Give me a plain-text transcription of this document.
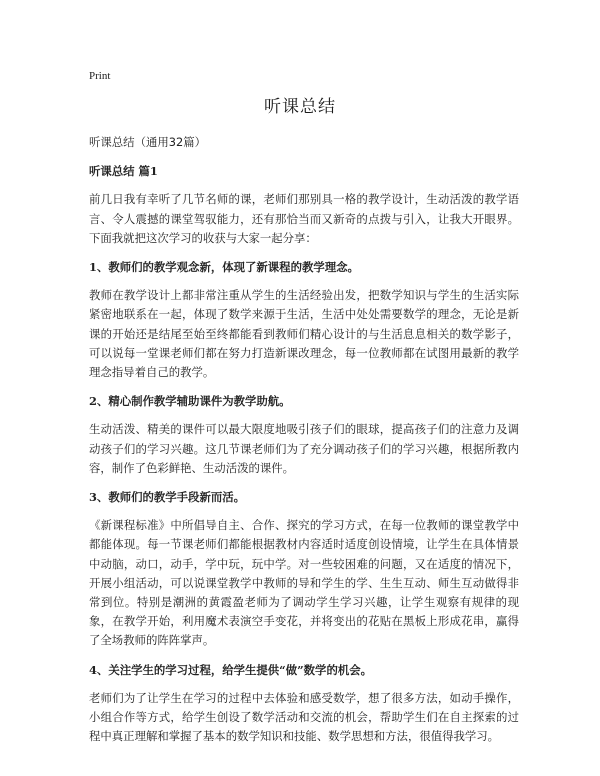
Print
听课总结

听课总结（通用32篇）

听课总结 篇1

前几日我有幸听了几节名师的课，老师们那别具一格的教学设计，生动活泼的教学语言、令人震撼的课堂驾驭能力，还有那恰当而又新奇的点拨与引入，让我大开眼界。下面我就把这次学习的收获与大家一起分享：

1、教师们的教学观念新，体现了新课程的教学理念。

教师在教学设计上都非常注重从学生的生活经验出发，把数学知识与学生的生活实际紧密地联系在一起，体现了数学来源于生活，生活中处处需要数学的理念，无论是新课的开始还是结尾至始至终都能看到教师们精心设计的与生活息息相关的数学影子，可以说每一堂课老师们都在努力打造新课改理念，每一位教师都在试图用最新的教学理念指导着自己的教学。

2、精心制作教学辅助课件为教学助航。

生动活泼、精美的课件可以最大限度地吸引孩子们的眼球，提高孩子们的注意力及调动孩子们的学习兴趣。这几节课老师们为了充分调动孩子们的学习兴趣，根据所教内容，制作了色彩鲜艳、生动活泼的课件。

3、教师们的教学手段新而活。

《新课程标准》中所倡导自主、合作、探究的学习方式，在每一位教师的课堂教学中都能体现。每一节课老师们都能根据教材内容适时适度创设情境，让学生在具体情景中动脑，动口，动手，学中玩，玩中学。对一些较困难的问题，又在适度的情况下，开展小组活动，可以说课堂教学中教师的导和学生的学、生生互动、师生互动做得非常到位。特别是潮洲的黄霞盈老师为了调动学生学习兴趣，让学生观察有规律的现象，在教学开始，利用魔术表演空手变花，并将变出的花贴在黑板上形成花串，赢得了全场教师的阵阵掌声。

4、关注学生的学习过程，给学生提供“做”数学的机会。

老师们为了让学生在学习的过程中去体验和感受数学，想了很多方法，如动手操作，小组合作等方式，给学生创设了数学活动和交流的机会，帮助学生们在自主探索的过程中真正理解和掌握了基本的数学知识和技能、数学思想和方法，很值得我学习。
